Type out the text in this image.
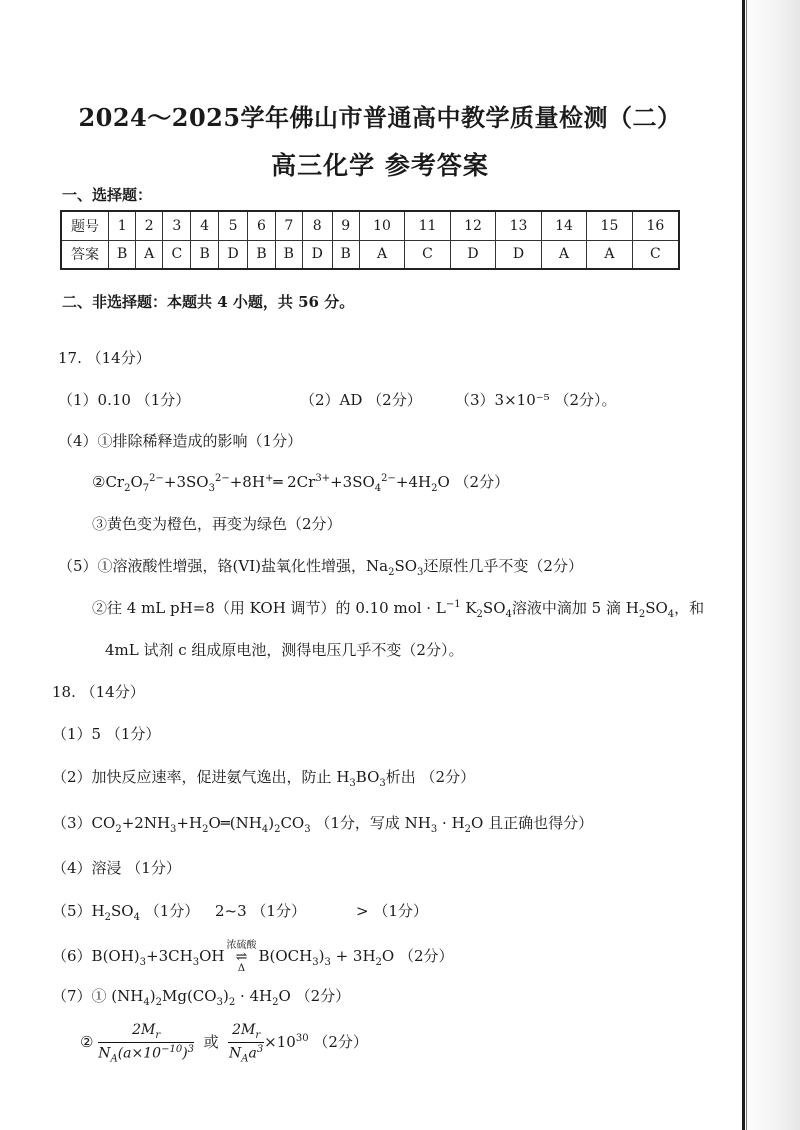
2024～2025学年佛山市普通高中教学质量检测（二）
高三化学 参考答案
一、选择题：
题号	1	2	3	4	5	6	7	8	9	10	11	12	13	14	15	16
答案	B	A	C	B	D	B	B	D	B	A	C	D	D	A	A	C
二、非选择题：本题共 4 小题，共 56 分。
17. （14分）
（1）0.10 （1分）	（2）AD （2分） （3）3×10⁻⁵ （2分）。
（4）①排除稀释造成的影响（1分）
$②Cr_2O_7^{2-}+3SO_3^{2-}+8H^+═$ $2Cr^{3+}+3SO_4^{2-}+4H_2O$ （2分）
③黄色变为橙色，再变为绿色（2分）
（5）①溶液酸性增强，铬(VI)盐氧化性增强，$Na_2SO_3$还原性几乎不变（2分）
②往 4 mL pH=8（用 KOH 调节）的 0.10 mol · $L^{-1}$ $K_2SO_4$溶液中滴加 5 滴 $H_2SO_4$，和
4mL 试剂 c 组成原电池，测得电压几乎不变（2分）。
18. （14分）
（1）5 （1分）
（2）加快反应速率，促进氨气逸出，防止 $H_3BO_3$析出 （2分）
$(3)CO_2+2NH_3+H_2O═(NH_4)_2CO_3$ （1分，写成 $NH_3 \cdot H_2O$ 且正确也得分）
（4）溶浸 （1分）
$(5)H_2SO_4$ （1分） 2~3 （1分）	> （1分）
$(6)B(OH)_3+3CH_3OH$浓硫酸
⇌
$\Delta B(OCH_3)_3 + 3H_2O$ （2分）
（7）① $(NH_4)_2Mg(CO_3)_2 \cdot 4H_2O$ （2分）
② $\frac{2M_r}{N_A(a\times 10^{-10})^3}$ 或 $\frac{2M_r}{N_Aa^3} \times 10^{30}$ （2分）
